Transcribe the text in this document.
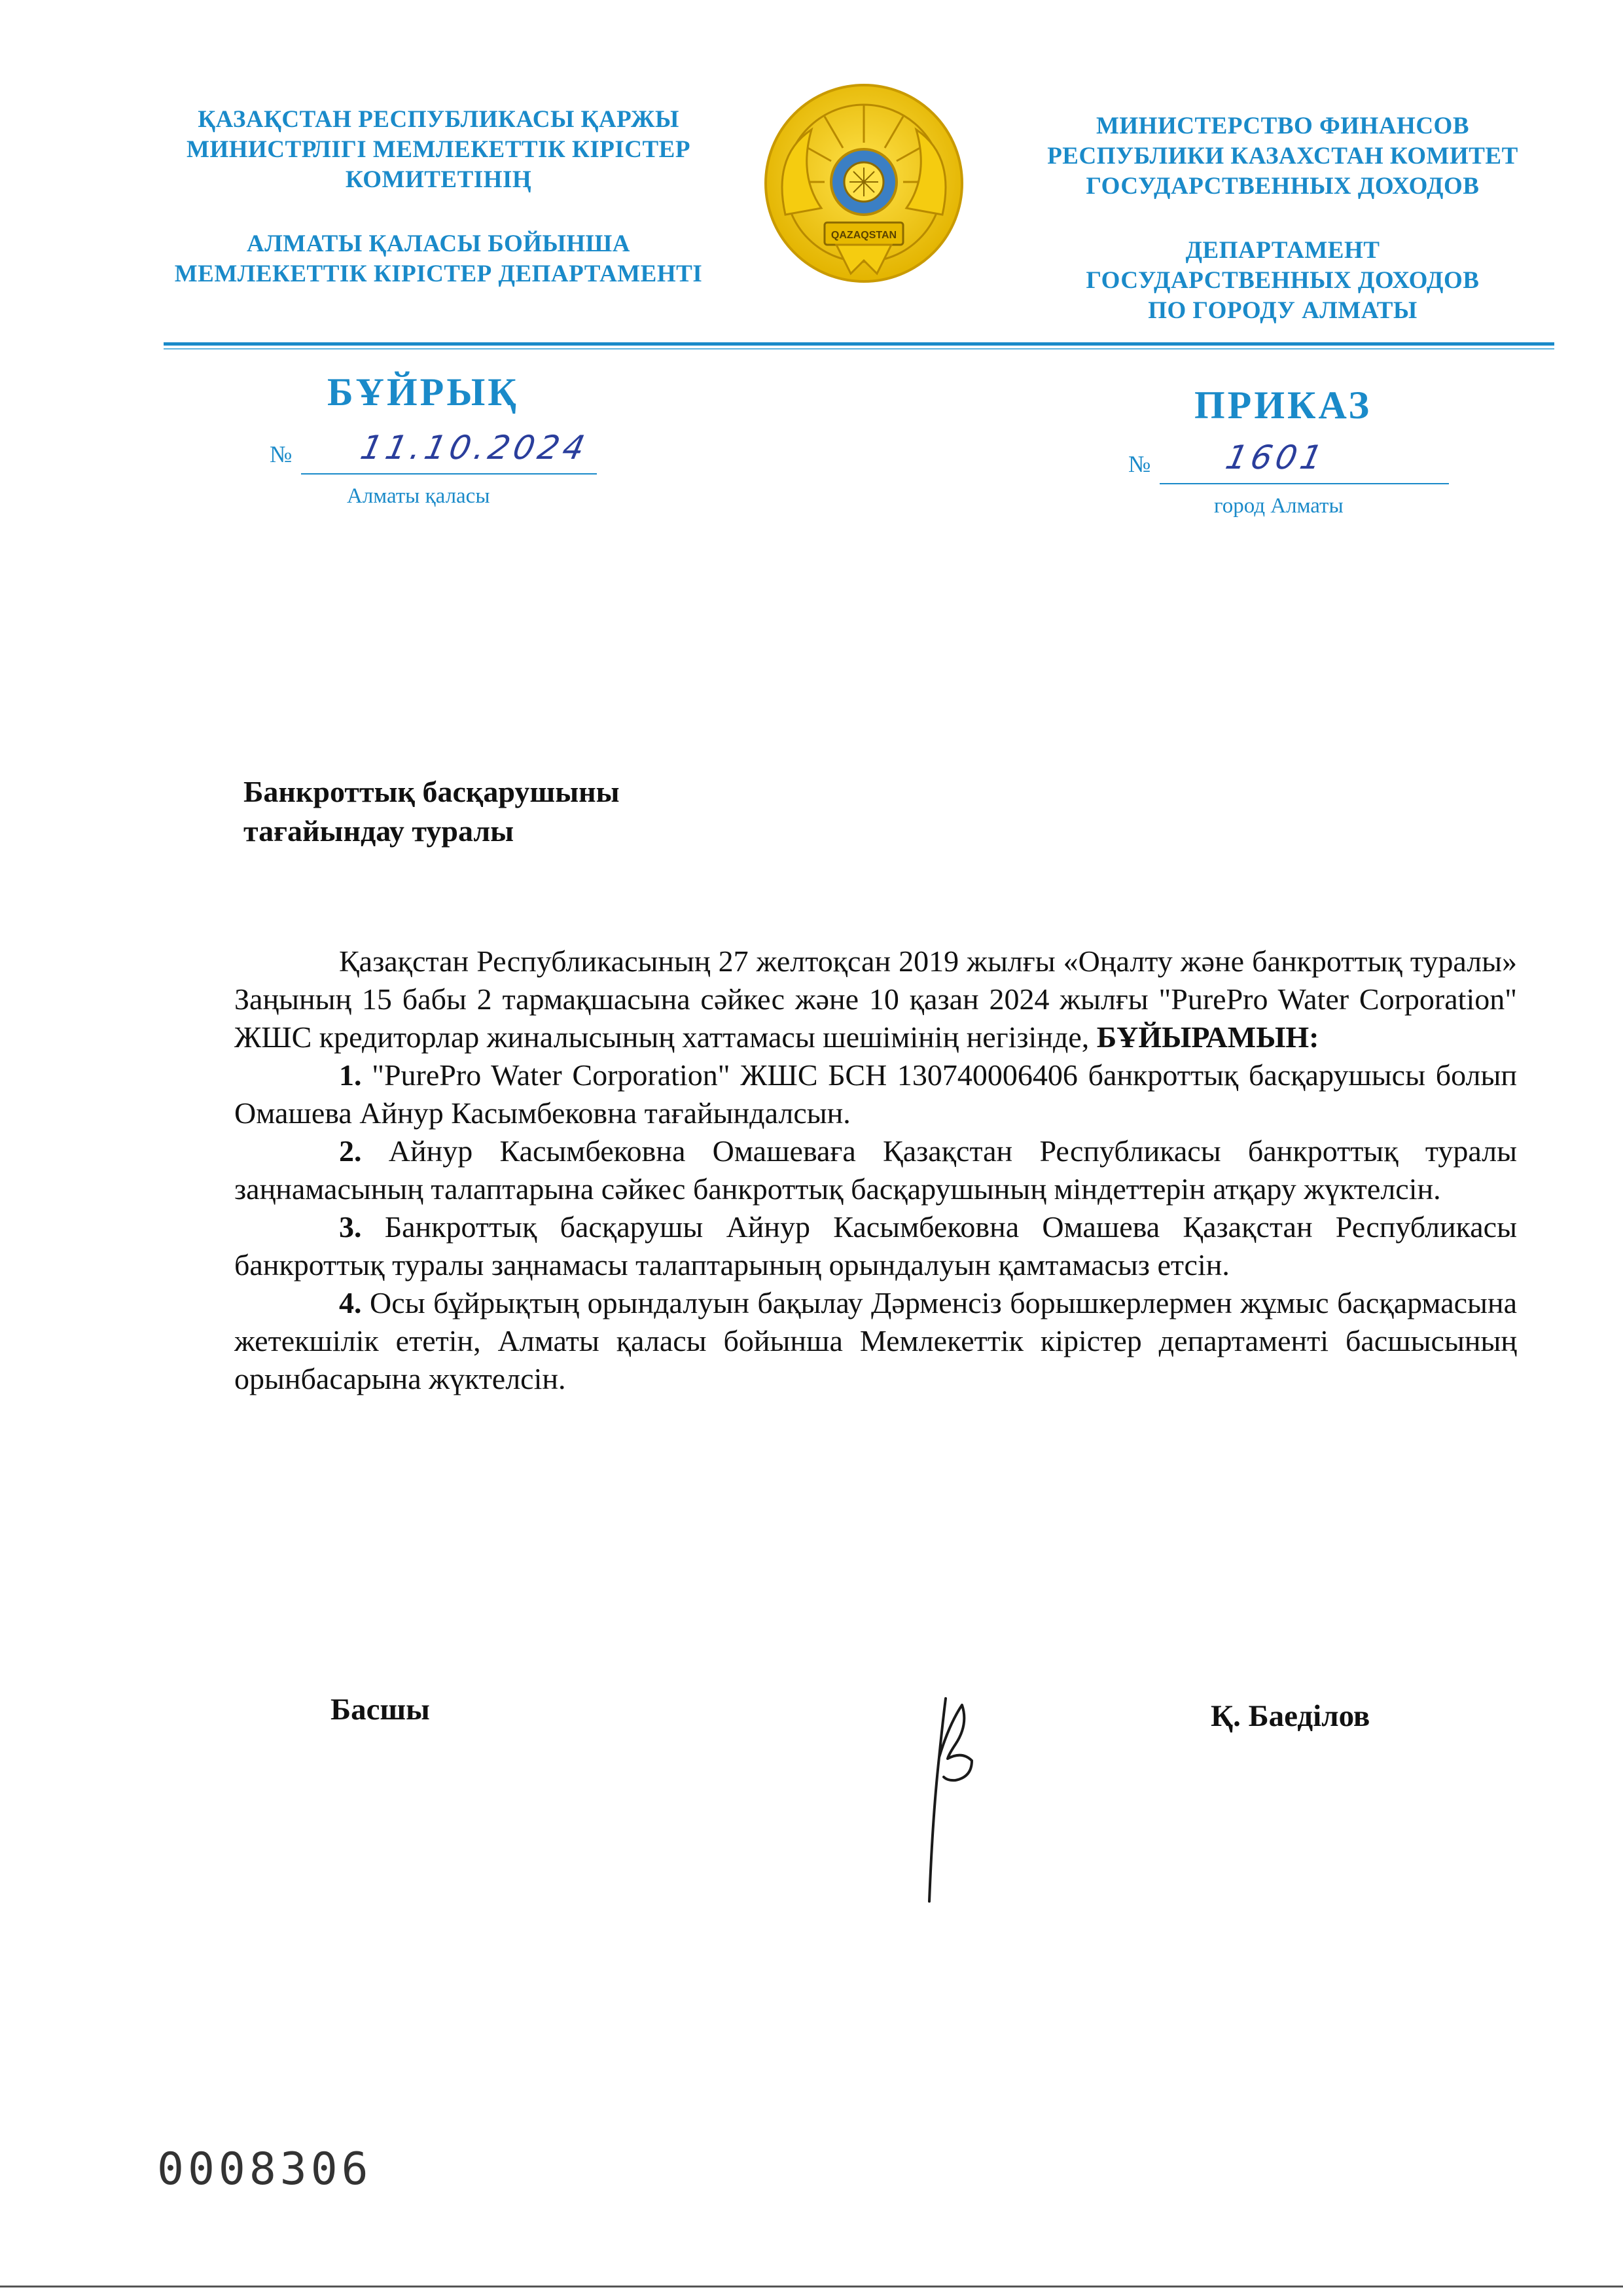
ҚАЗАҚСТАН РЕСПУБЛИКАСЫ ҚАРЖЫ

МИНИСТРЛІГІ МЕМЛЕКЕТТІК КІРІСТЕР

КОМИТЕТІНІҢ

АЛМАТЫ ҚАЛАСЫ БОЙЫНША

МЕМЛЕКЕТТІК КІРІСТЕР ДЕПАРТАМЕНТІ

QAZAQSTAN

МИНИСТЕРСТВО ФИНАНСОВ

РЕСПУБЛИКИ КАЗАХСТАН КОМИТЕТ

ГОСУДАРСТВЕННЫХ ДОХОДОВ

ДЕПАРТАМЕНТ

ГОСУДАРСТВЕННЫХ ДОХОДОВ

ПО ГОРОДУ АЛМАТЫ

БҰЙРЫҚ	ПРИКАЗ
№ 11.10.2024	№ 1601
Алматы қаласы	город Алматы

Банкроттық басқарушыны

тағайындау туралы

Қазақстан Республикасының 27 желтоқсан 2019 жылғы «Оңалту және банкроттық туралы» Заңының 15 бабы 2 тармақшасына сәйкес және 10 қазан 2024 жылғы "PurePro Water Corporation" ЖШС кредиторлар жиналысының хаттамасы шешімінің негізінде, БҰЙЫРАМЫН:

1. "PurePro Water Corporation" ЖШС БСН 130740006406 банкроттық басқарушысы болып Омашева Айнур Касымбековна тағайындалсын.

2. Айнур Касымбековна Омашеваға Қазақстан Республикасы банкроттық туралы заңнамасының талаптарына сәйкес банкроттық басқарушының міндеттерін атқару жүктелсін.

3. Банкроттық басқарушы Айнур Касымбековна Омашева Қазақстан Республикасы банкроттық туралы заңнамасы талаптарының орындалуын қамтамасыз етсін.

4. Осы бұйрықтың орындалуын бақылау Дәрменсіз борышкерлермен жұмыс басқармасына жетекшілік ететін, Алматы қаласы бойынша Мемлекеттік кірістер департаменті басшысының орынбасарына жүктелсін.

Басшы	Қ. Баеділов
0008306
